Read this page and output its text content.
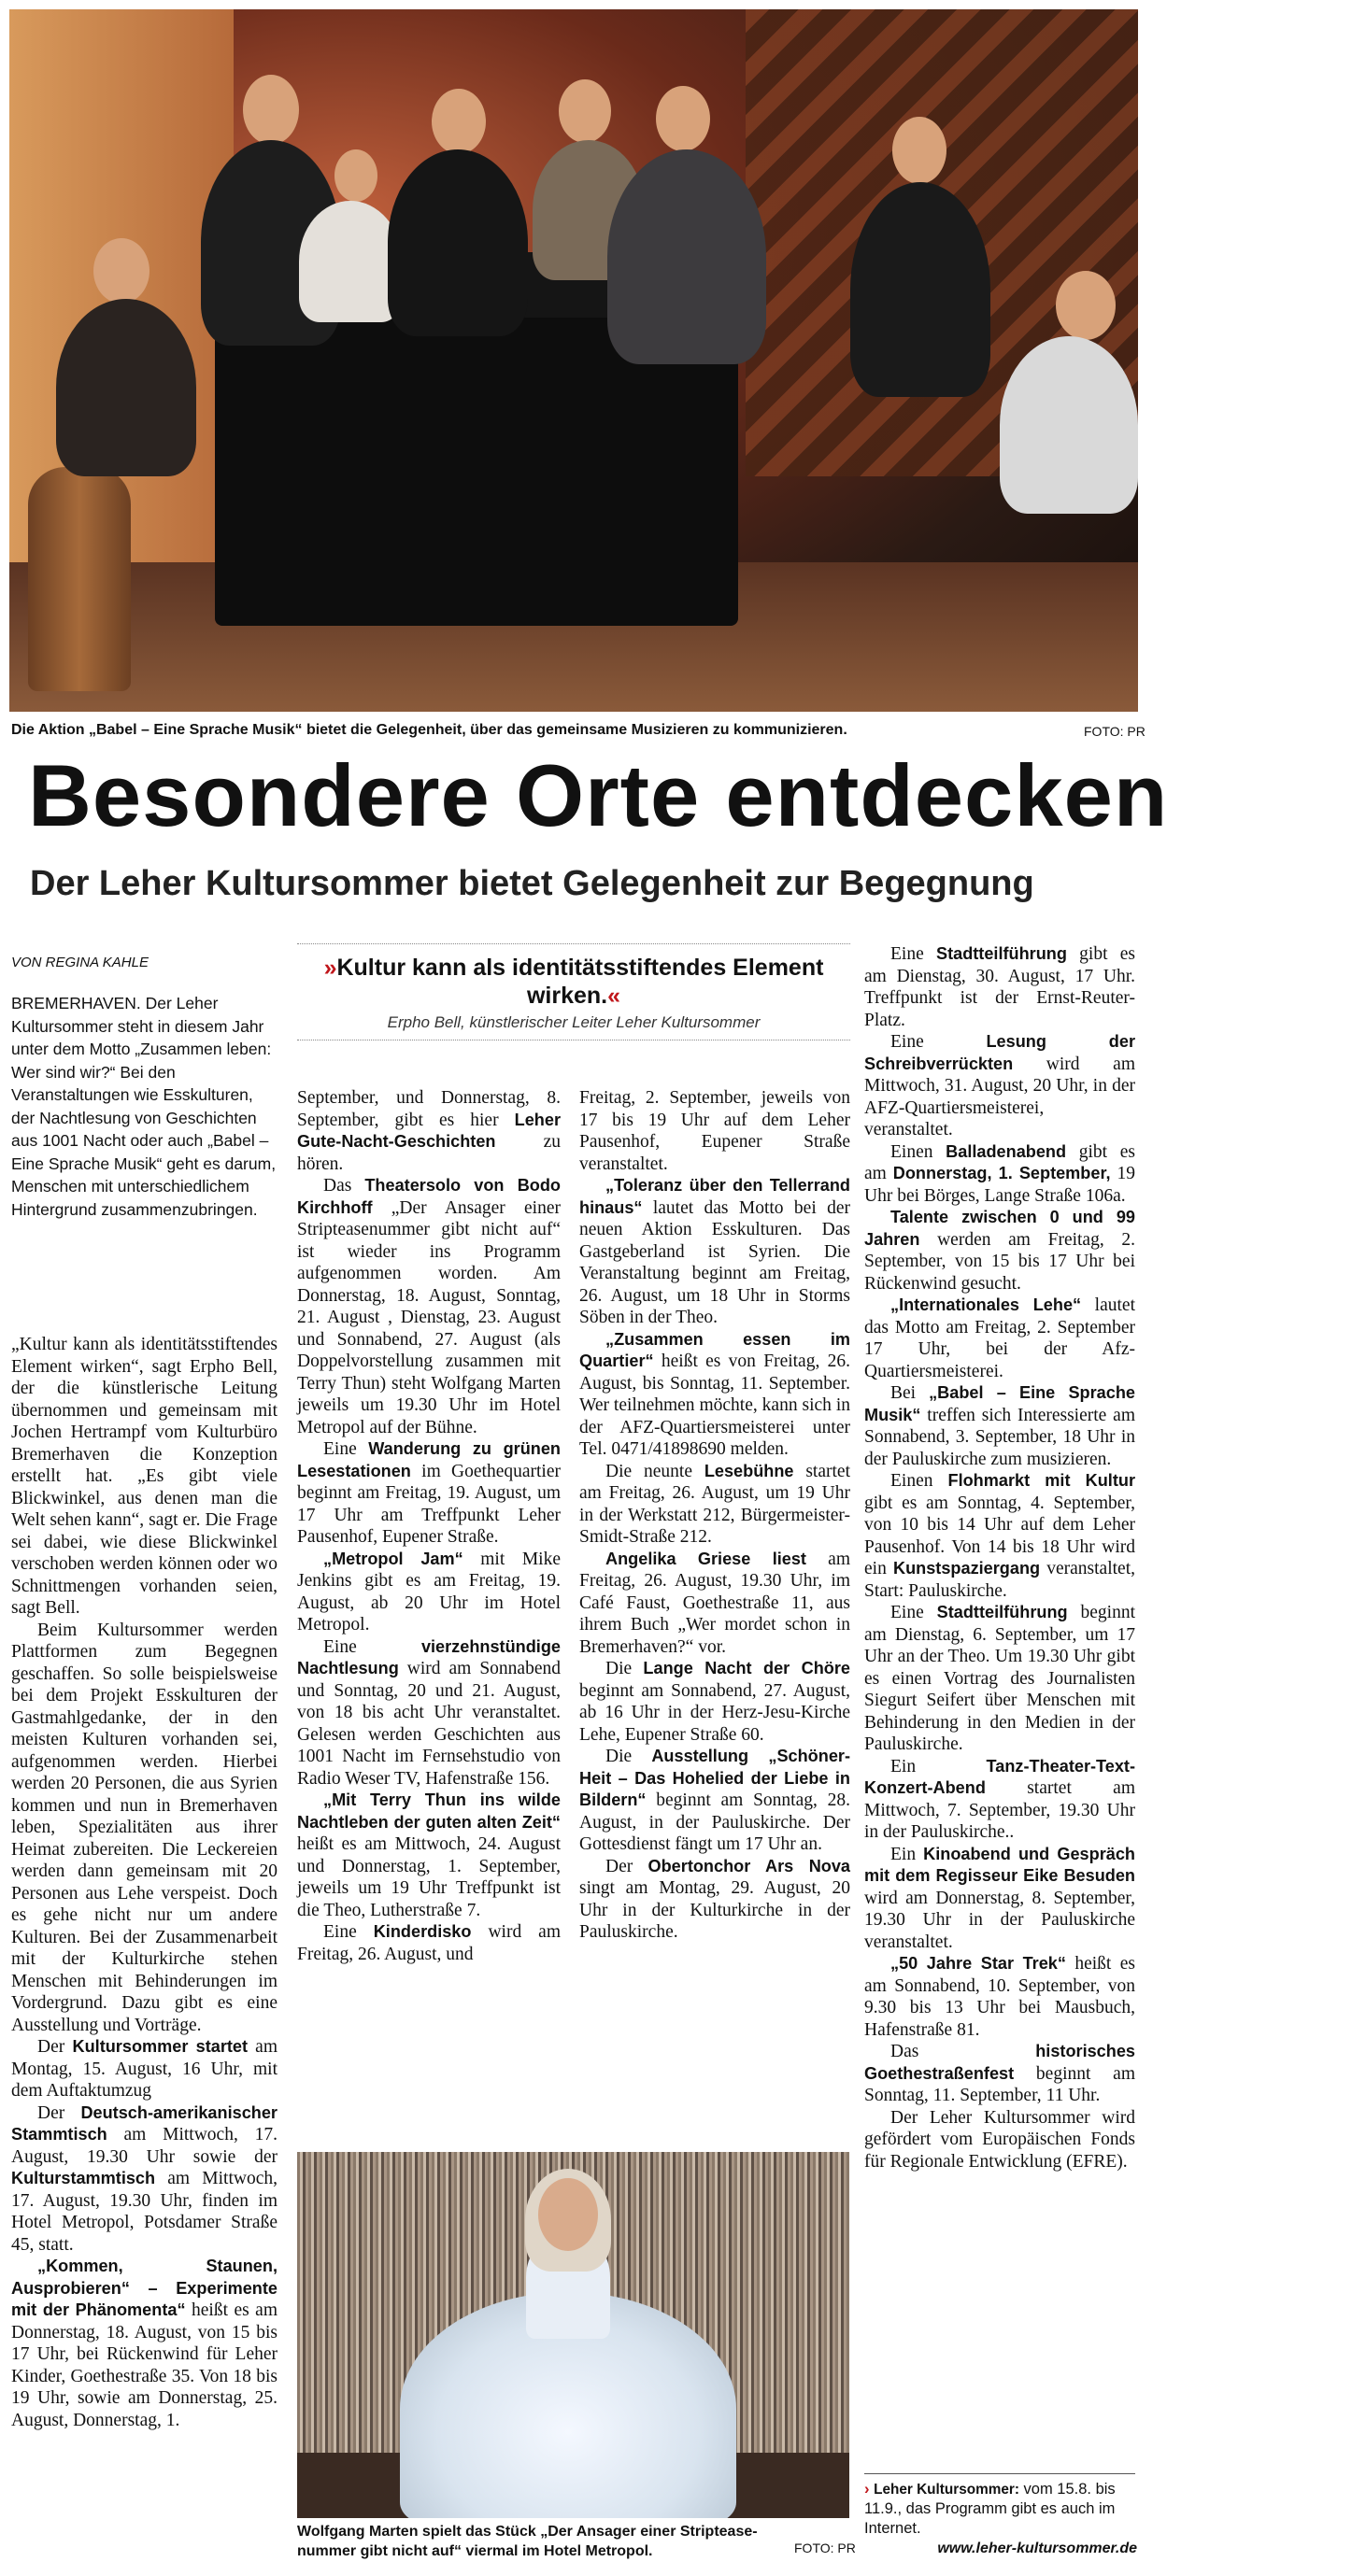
Die Aktion „Babel – Eine Sprache Musik“ bietet die Gelegenheit, über das gemeinsame Musizieren zu kommunizieren.	FOTO: PR
Besondere Orte entdecken
Der Leher Kultursommer bietet Gelegenheit zur Begegnung
VON REGINA KAHLE
BREMERHAVEN. Der Leher Kultursommer steht in diesem Jahr unter dem Motto „Zusammen leben: Wer sind wir?“ Bei den Veranstaltungen wie Esskulturen, der Nachtlesung von Geschichten aus 1001 Nacht oder auch „Babel – Eine Sprache Musik“ geht es darum, Menschen mit unterschiedlichem Hintergrund zusammenzubringen.
»Kultur kann als identitätsstiftendes Element wirken.«
Erpho Bell, künstlerischer Leiter Leher Kultursommer

„Kultur kann als identitätsstiftendes Element wirken“, sagt Erpho Bell, der die künstlerische Leitung übernommen und gemeinsam mit Jochen Hertrampf vom Kulturbüro Bremerhaven die Konzeption erstellt hat. „Es gibt viele Blickwinkel, aus denen man die Welt sehen kann“, sagt er. Die Frage sei dabei, wie diese Blickwinkel verschoben werden können oder wo Schnittmengen vorhanden seien, sagt Bell.

Beim Kultursommer werden Plattformen zum Begegnen geschaffen. So solle beispielsweise bei dem Projekt Esskulturen der Gastmahlgedanke, der in den meisten Kulturen vorhanden sei, aufgenommen werden. Hierbei werden 20 Personen, die aus Syrien kommen und nun in Bremerhaven leben, Spezialitäten aus ihrer Heimat zubereiten. Die Leckereien werden dann gemeinsam mit 20 Personen aus Lehe verspeist. Doch es gehe nicht nur um andere Kulturen. Bei der Zusammenarbeit mit der Kulturkirche stehen Menschen mit Behinderungen im Vordergrund. Dazu gibt es eine Ausstellung und Vorträge.

Der Kultursommer startet am Montag, 15. August, 16 Uhr, mit dem Auftaktumzug

Der Deutsch-amerikanischer Stammtisch am Mittwoch, 17. August, 19.30 Uhr sowie der Kulturstammtisch am Mittwoch, 17. August, 19.30 Uhr, finden im Hotel Metropol, Potsdamer Straße 45, statt.

„Kommen, Staunen, Ausprobieren“ – Experimente mit der Phänomenta“ heißt es am Donnerstag, 18. August, von 15 bis 17 Uhr, bei Rückenwind für Leher Kinder, Goethestraße 35. Von 18 bis 19 Uhr, sowie am Donnerstag, 25. August, Donnerstag, 1.

September, und Donnerstag, 8. September, gibt es hier Leher Gute-Nacht-Geschichten zu hören.

Das Theatersolo von Bodo Kirchhoff „Der Ansager einer Stripteasenummer gibt nicht auf“ ist wieder ins Programm aufgenommen worden. Am Donnerstag, 18. August, Sonntag, 21. August , Dienstag, 23. August und Sonnabend, 27. August (als Doppelvorstellung zusammen mit Terry Thun) steht Wolfgang Marten jeweils um 19.30 Uhr im Hotel Metropol auf der Bühne.

Eine Wanderung zu grünen Lesestationen im Goethequartier beginnt am Freitag, 19. August, um 17 Uhr am Treffpunkt Leher Pausenhof, Eupener Straße.

„Metropol Jam“ mit Mike Jenkins gibt es am Freitag, 19. August, ab 20 Uhr im Hotel Metropol.

Eine vierzehnstündige Nachtlesung wird am Sonnabend und Sonntag, 20 und 21. August, von 18 bis acht Uhr veranstaltet. Gelesen werden Geschichten aus 1001 Nacht im Fernsehstudio von Radio Weser TV, Hafenstraße 156.

„Mit Terry Thun ins wilde Nachtleben der guten alten Zeit“ heißt es am Mittwoch, 24. August und Donnerstag, 1. September, jeweils um 19 Uhr Treffpunkt ist die Theo, Lutherstraße 7.

Eine Kinderdisko wird am Freitag, 26. August, und

Freitag, 2. September, jeweils von 17 bis 19 Uhr auf dem Leher Pausenhof, Eupener Straße veranstaltet.

„Toleranz über den Tellerrand hinaus“ lautet das Motto bei der neuen Aktion Esskulturen. Das Gastgeberland ist Syrien. Die Veranstaltung beginnt am Freitag, 26. August, um 18 Uhr in Storms Söben in der Theo.

„Zusammen essen im Quartier“ heißt es von Freitag, 26. August, bis Sonntag, 11. September. Wer teilnehmen möchte, kann sich in der AFZ-Quartiersmeisterei unter Tel. 0471/41898690 melden.

Die neunte Lesebühne startet am Freitag, 26. August, um 19 Uhr in der Werkstatt 212, Bürgermeister-Smidt-Straße 212.

Angelika Griese liest am Freitag, 26. August, 19.30 Uhr, im Café Faust, Goethestraße 11, aus ihrem Buch „Wer mordet schon in Bremerhaven?“ vor.

Die Lange Nacht der Chöre beginnt am Sonnabend, 27. August, ab 16 Uhr in der Herz-Jesu-Kirche Lehe, Eupener Straße 60.

Die Ausstellung „Schöner-Heit – Das Hohelied der Liebe in Bildern“ beginnt am Sonntag, 28. August, in der Pauluskirche. Der Gottesdienst fängt um 17 Uhr an.

Der Obertonchor Ars Nova singt am Montag, 29. August, 20 Uhr in der Kulturkirche in der Pauluskirche.

Eine Stadtteilführung gibt es am Dienstag, 30. August, 17 Uhr. Treffpunkt ist der Ernst-Reuter-Platz.

Eine Lesung der Schreibverrückten wird am Mittwoch, 31. August, 20 Uhr, in der AFZ-Quartiersmeisterei, veranstaltet.

Einen Balladenabend gibt es am Donnerstag, 1. September, 19 Uhr bei Börges, Lange Straße 106a.

Talente zwischen 0 und 99 Jahren werden am Freitag, 2. September, von 15 bis 17 Uhr bei Rückenwind gesucht.

„Internationales Lehe“ lautet das Motto am Freitag, 2. September 17 Uhr, bei der Afz-Quartiersmeisterei.

Bei „Babel – Eine Sprache Musik“ treffen sich Interessierte am Sonnabend, 3. September, 18 Uhr in der Pauluskirche zum musizieren.

Einen Flohmarkt mit Kultur gibt es am Sonntag, 4. September, von 10 bis 14 Uhr auf dem Leher Pausenhof. Von 14 bis 18 Uhr wird ein Kunstspaziergang veranstaltet, Start: Pauluskirche.

Eine Stadtteilführung beginnt am Dienstag, 6. September, um 17 Uhr an der Theo. Um 19.30 Uhr gibt es einen Vortrag des Journalisten Siegurt Seifert über Menschen mit Behinderung in den Medien in der Pauluskirche.

Ein Tanz-Theater-Text-Konzert-Abend startet am Mittwoch, 7. September, 19.30 Uhr in der Pauluskirche..

Ein Kinoabend und Gespräch mit dem Regisseur Eike Besuden wird am Donnerstag, 8. September, 19.30 Uhr in der Pauluskirche veranstaltet.

„50 Jahre Star Trek“ heißt es am Sonnabend, 10. September, von 9.30 bis 13 Uhr bei Mausbuch, Hafenstraße 81.

Das historisches Goethestraßenfest beginnt am Sonntag, 11. September, 11 Uhr.

Der Leher Kultursommer wird gefördert vom Europäischen Fonds für Regionale Entwicklung (EFRE).

Wolfgang Marten spielt das Stück „Der Ansager einer Striptease-nummer gibt nicht auf“ viermal im Hotel Metropol.	FOTO: PR
› Leher Kultursommer: vom 15.8. bis 11.9., das Programm gibt es auch im Internet.
www.leher-kultursommer.de
